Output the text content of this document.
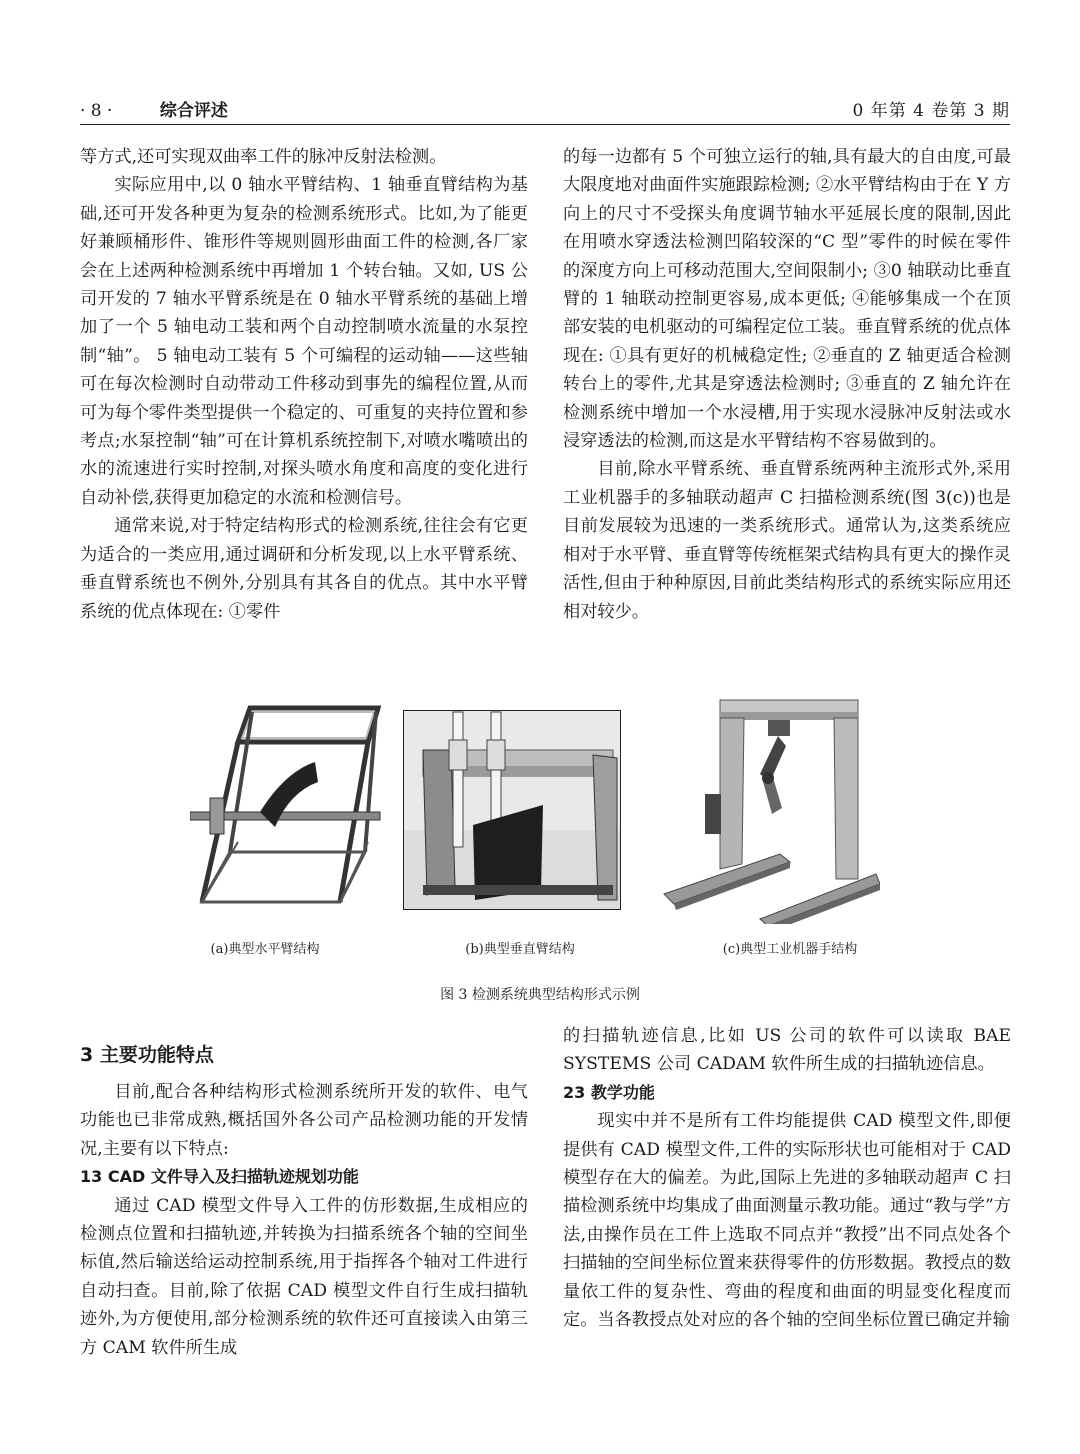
· 8 ·	综合评述	0 年第 4 卷第 3 期

等方式,还可实现双曲率工件的脉冲反射法检测。

实际应用中,以 0 轴水平臂结构、1 轴垂直臂结构为基础,还可开发各种更为复杂的检测系统形式。比如,为了能更好兼顾桶形件、锥形件等规则圆形曲面工件的检测,各厂家会在上述两种检测系统中再增加 1 个转台轴。又如, US 公司开发的 7 轴水平臂系统是在 0 轴水平臂系统的基础上增加了一个 5 轴电动工装和两个自动控制喷水流量的水泵控制“轴”。 5 轴电动工装有 5 个可编程的运动轴——这些轴可在每次检测时自动带动工件移动到事先的编程位置,从而可为每个零件类型提供一个稳定的、可重复的夹持位置和参考点;水泵控制“轴”可在计算机系统控制下,对喷水嘴喷出的水的流速进行实时控制,对探头喷水角度和高度的变化进行自动补偿,获得更加稳定的水流和检测信号。

通常来说,对于特定结构形式的检测系统,往往会有它更为适合的一类应用,通过调研和分析发现,以上水平臂系统、垂直臂系统也不例外,分别具有其各自的优点。其中水平臂系统的优点体现在: ①零件

的每一边都有 5 个可独立运行的轴,具有最大的自由度,可最大限度地对曲面件实施跟踪检测; ②水平臂结构由于在 Y 方向上的尺寸不受探头角度调节轴水平延展长度的限制,因此在用喷水穿透法检测凹陷较深的“C 型”零件的时候在零件的深度方向上可移动范围大,空间限制小; ③0 轴联动比垂直臂的 1 轴联动控制更容易,成本更低; ④能够集成一个在顶部安装的电机驱动的可编程定位工装。垂直臂系统的优点体现在: ①具有更好的机械稳定性; ②垂直的 Z 轴更适合检测转台上的零件,尤其是穿透法检测时; ③垂直的 Z 轴允许在检测系统中增加一个水浸槽,用于实现水浸脉冲反射法或水浸穿透法的检测,而这是水平臂结构不容易做到的。

目前,除水平臂系统、垂直臂系统两种主流形式外,采用工业机器手的多轴联动超声 C 扫描检测系统(图 3(c))也是目前发展较为迅速的一类系统形式。通常认为,这类系统应相对于水平臂、垂直臂等传统框架式结构具有更大的操作灵活性,但由于种种原因,目前此类结构形式的系统实际应用还相对较少。

(a)典型水平臂结构	(b)典型垂直臂结构	(c)典型工业机器手结构
图 3 检测系统典型结构形式示例
3 主要功能特点

目前,配合各种结构形式检测系统所开发的软件、电气功能也已非常成熟,概括国外各公司产品检测功能的开发情况,主要有以下特点:

13 CAD 文件导入及扫描轨迹规划功能

通过 CAD 模型文件导入工件的仿形数据,生成相应的检测点位置和扫描轨迹,并转换为扫描系统各个轴的空间坐标值,然后输送给运动控制系统,用于指挥各个轴对工件进行自动扫查。目前,除了依据 CAD 模型文件自行生成扫描轨迹外,为方便使用,部分检测系统的软件还可直接读入由第三方 CAM 软件所生成

的扫描轨迹信息,比如 US 公司的软件可以读取 BAE SYSTEMS 公司 CADAM 软件所生成的扫描轨迹信息。

23 教学功能

现实中并不是所有工件均能提供 CAD 模型文件,即便提供有 CAD 模型文件,工件的实际形状也可能相对于 CAD 模型存在大的偏差。为此,国际上先进的多轴联动超声 C 扫描检测系统中均集成了曲面测量示教功能。通过“教与学”方法,由操作员在工件上选取不同点并“教授”出不同点处各个扫描轴的空间坐标位置来获得零件的仿形数据。教授点的数量依工件的复杂性、弯曲的程度和曲面的明显变化程度而定。当各教授点处对应的各个轴的空间坐标位置已确定并输
